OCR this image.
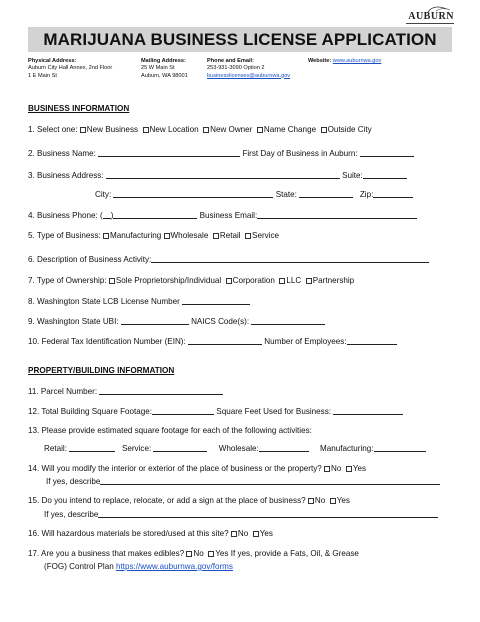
AUBURN
MARIJUANA BUSINESS LICENSE APPLICATION
Physical Address:
Auburn City Hall Annex, 2nd Floor
1 E Main St
Mailing Address:
25 W Main St
Auburn, WA 98001
Phone and Email:
253-931-3090 Option 2
businesslicenses@auburnwa.gov
Website: www.auburnwa.gov
BUSINESS INFORMATION
1. Select one: New Business New Location New Owner Name Change Outside City
2. Business Name:	First Day of Business in Auburn:
3. Business Address:	Suite:
City:	State:	Zip:
4. Business Phone: ( )	Business Email:
5. Type of Business: Manufacturing Wholesale Retail Service
6. Description of Business Activity:
7. Type of Ownership: Sole Proprietorship/Individual Corporation LLC Partnership
8. Washington State LCB License Number
9. Washington State UBI:	NAICS Code(s):
10. Federal Tax Identification Number (EIN):	Number of Employees:
PROPERTY/BUILDING INFORMATION
11. Parcel Number:
12. Total Building Square Footage:	Square Feet Used for Business:
13. Please provide estimated square footage for each of the following activities:
Retail:	Service:	Wholesale:	Manufacturing:
14. Will you modify the interior or exterior of the place of business or the property? No Yes
If yes, describe
15. Do you intend to replace, relocate, or add a sign at the place of business? No Yes
If yes, describe
16. Will hazardous materials be stored/used at this site? No Yes
17. Are you a business that makes edibles? No Yes If yes, provide a Fats, Oil, & Grease
(FOG) Control Plan https://www.auburnwa.gov/forms
